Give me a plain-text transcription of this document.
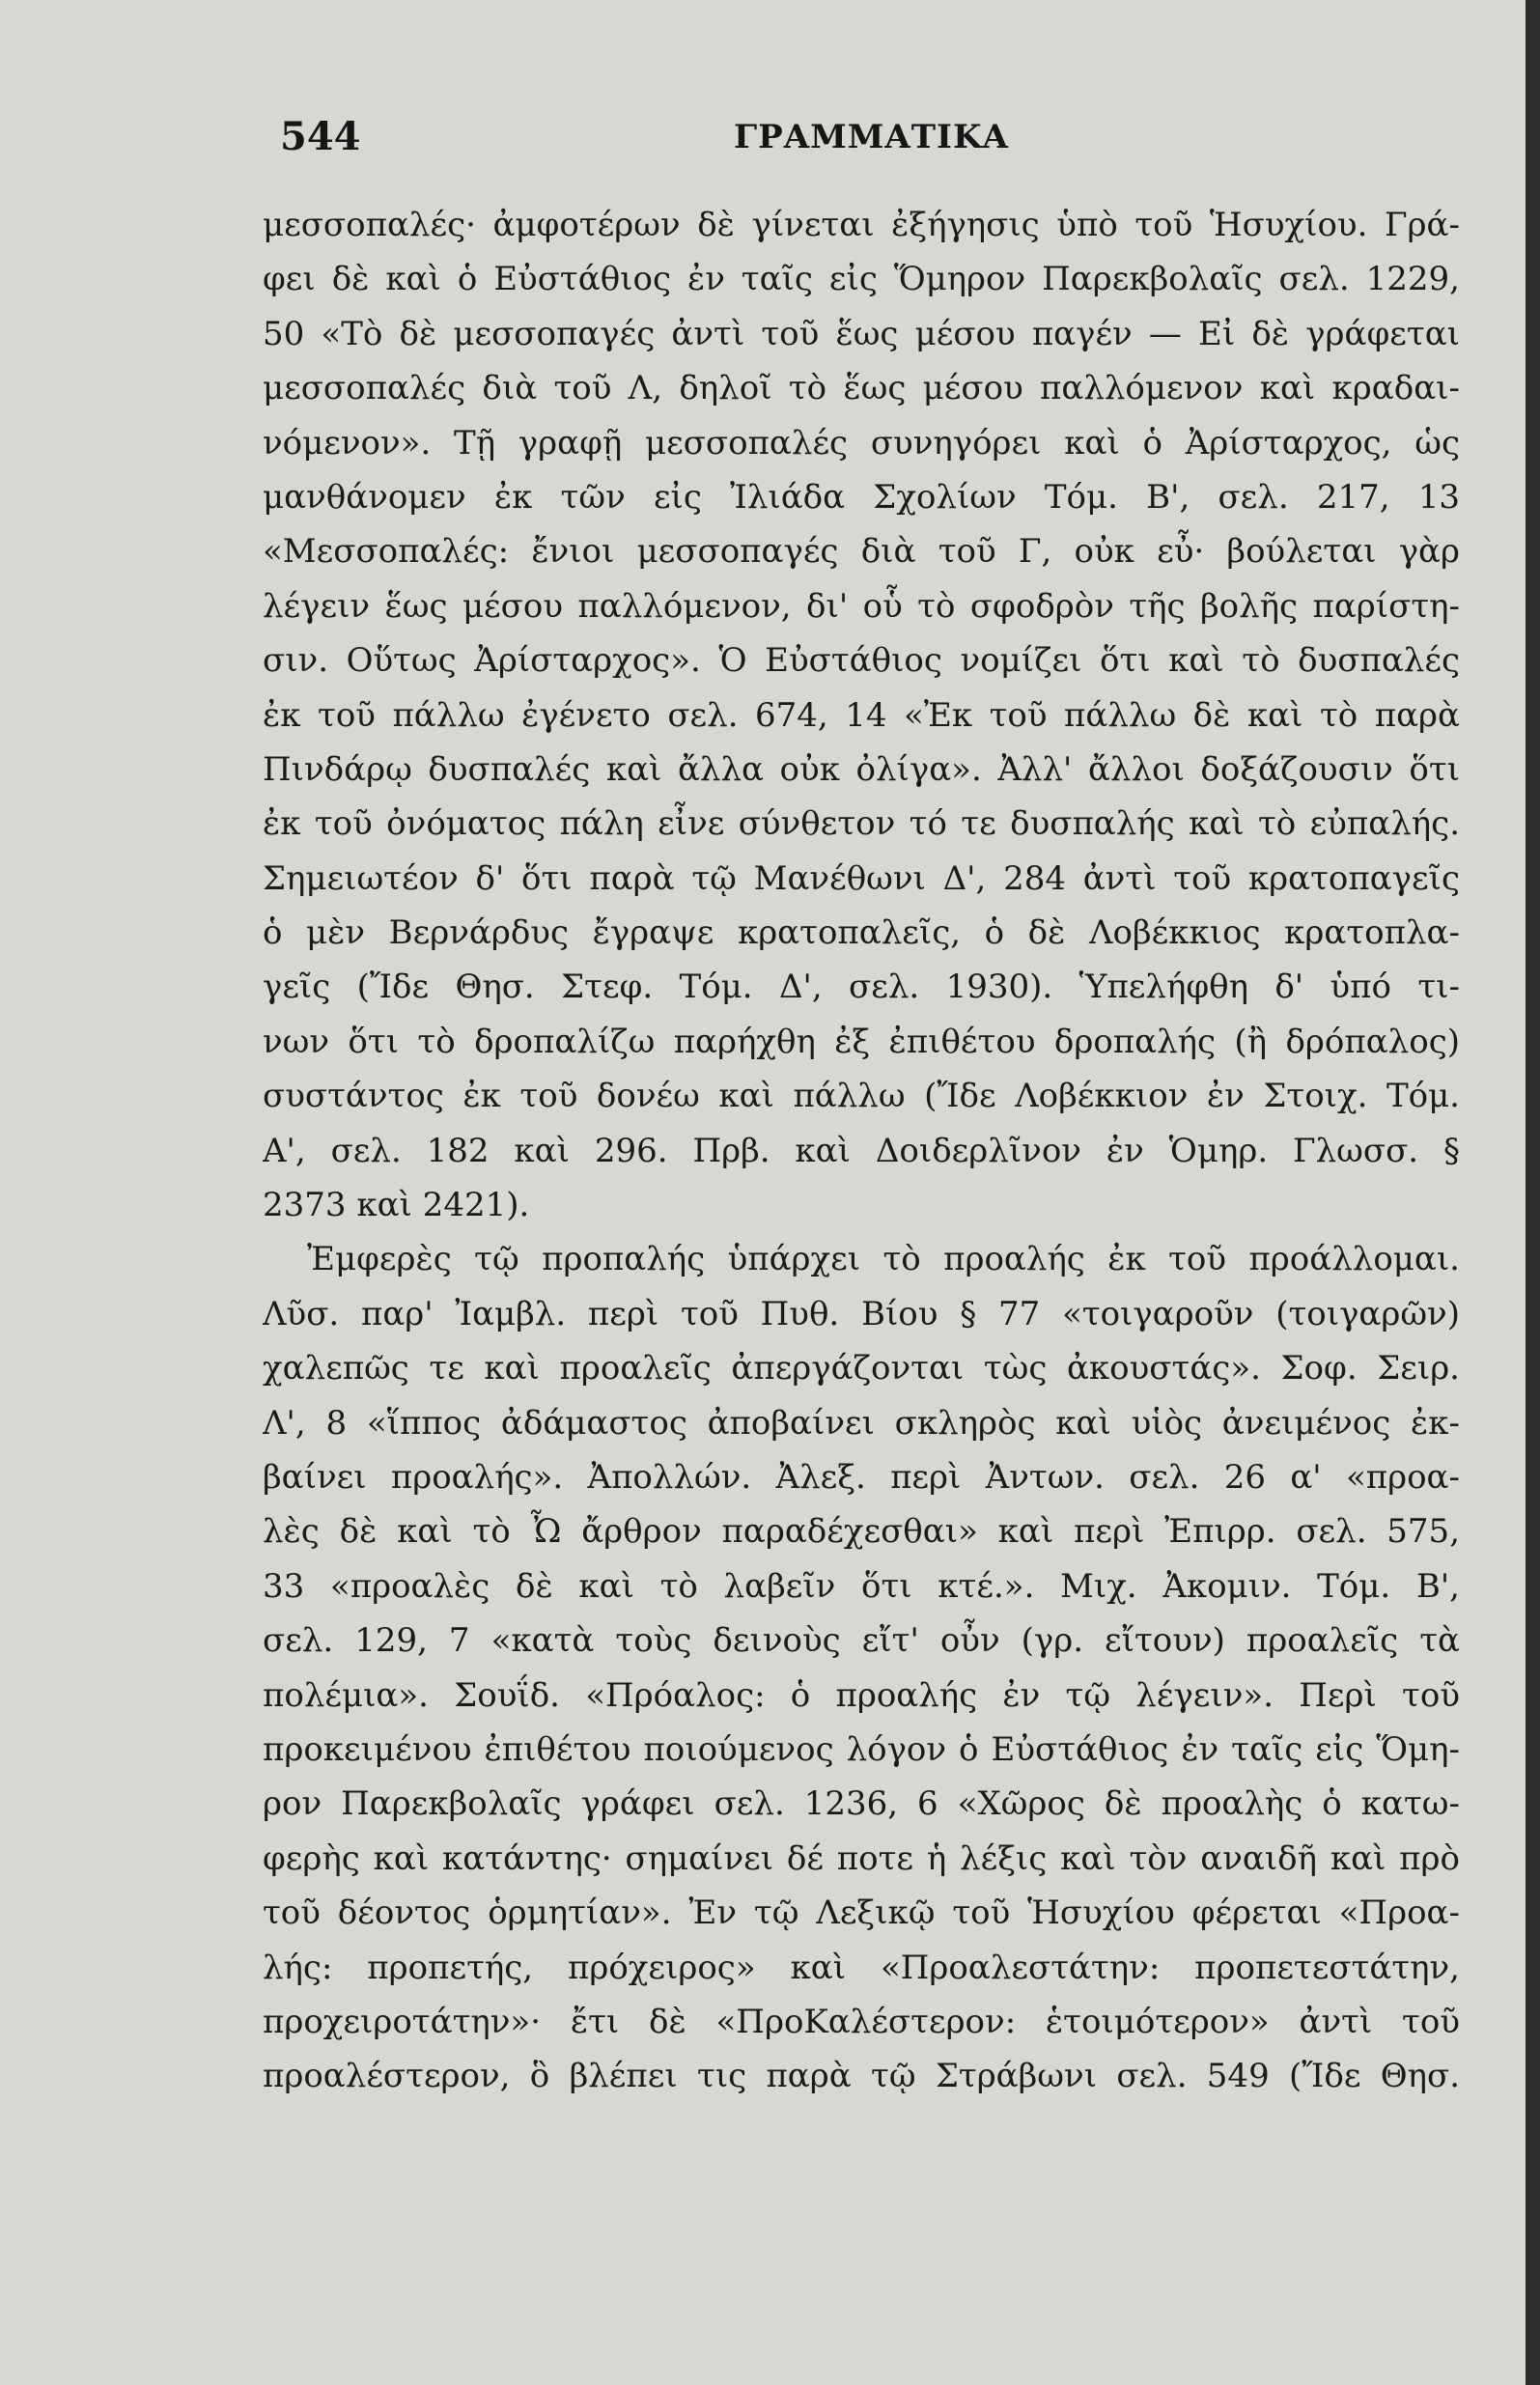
544	ΓΡΑΜΜΑΤΙΚΑ
μεσσοπαλές· ἀμφοτέρων δὲ γίνεται ἐξήγησις ὑπὸ τοῦ Ἡσυχίου. Γρά-
φει δὲ καὶ ὁ Εὐστάθιος ἐν ταῖς εἰς Ὅμηρον Παρεκβολαῖς σελ. 1229,
50 «Τὸ δὲ μεσσοπαγές ἀντὶ τοῦ ἕως μέσου παγέν — Εἰ δὲ γράφεται
μεσσοπαλές διὰ τοῦ Λ, δηλοῖ τὸ ἕως μέσου παλλόμενον καὶ κραδαι-
νόμενον». Τῇ γραφῇ μεσσοπαλές συνηγόρει καὶ ὁ Ἀρίσταρχος, ὡς
μανθάνομεν ἐκ τῶν εἰς Ἰλιάδα Σχολίων Τόμ. Β', σελ. 217, 13
«Μεσσοπαλές: ἔνιοι μεσσοπαγές διὰ τοῦ Γ, οὐκ εὖ· βούλεται γὰρ
λέγειν ἕως μέσου παλλόμενον, δι' οὗ τὸ σφοδρὸν τῆς βολῆς παρίστη-
σιν. Οὕτως Ἀρίσταρχος». Ὁ Εὐστάθιος νομίζει ὅτι καὶ τὸ δυσπαλές
ἐκ τοῦ πάλλω ἐγένετο σελ. 674, 14 «Ἐκ τοῦ πάλλω δὲ καὶ τὸ παρὰ
Πινδάρῳ δυσπαλές καὶ ἄλλα οὐκ ὀλίγα». Ἀλλ' ἄλλοι δοξάζουσιν ὅτι
ἐκ τοῦ ὀνόματος πάλη εἶνε σύνθετον τό τε δυσπαλής καὶ τὸ εὐπαλής.
Σημειωτέον δ' ὅτι παρὰ τῷ Μανέθωνι Δ', 284 ἀντὶ τοῦ κρατοπαγεῖς
ὁ μὲν Βερνάρδυς ἔγραψε κρατοπαλεῖς, ὁ δὲ Λοβέκκιος κρατοπλα-
γεῖς (Ἴδε Θησ. Στεφ. Τόμ. Δ', σελ. 1930). Ὑπελήφθη δ' ὑπό τι-
νων ὅτι τὸ δροπαλίζω παρήχθη ἐξ ἐπιθέτου δροπαλής (ἢ δρόπαλος)
συστάντος ἐκ τοῦ δονέω καὶ πάλλω (Ἴδε Λοβέκκιον ἐν Στοιχ. Τόμ.
Α', σελ. 182 καὶ 296. Πρβ. καὶ Δοιδερλῖνον ἐν Ὁμηρ. Γλωσσ. §
2373 καὶ 2421).
Ἐμφερὲς τῷ προπαλής ὑπάρχει τὸ προαλής ἐκ τοῦ προάλλομαι.
Λῦσ. παρ' Ἰαμβλ. περὶ τοῦ Πυθ. Βίου § 77 «τοιγαροῦν (τοιγαρῶν)
χαλεπῶς τε καὶ προαλεῖς ἀπεργάζονται τὼς ἀκουστάς». Σοφ. Σειρ.
Λ', 8 «ἵππος ἀδάμαστος ἀποβαίνει σκληρὸς καὶ υἱὸς ἀνειμένος ἐκ-
βαίνει προαλής». Ἀπολλών. Ἀλεξ. περὶ Ἀντων. σελ. 26 α' «προα-
λὲς δὲ καὶ τὸ Ὦ ἄρθρον παραδέχεσθαι» καὶ περὶ Ἐπιρρ. σελ. 575,
33 «προαλὲς δὲ καὶ τὸ λαβεῖν ὅτι κτέ.». Μιχ. Ἀκομιν. Τόμ. Β',
σελ. 129, 7 «κατὰ τοὺς δεινοὺς εἴτ' οὖν (γρ. εἴτουν) προαλεῖς τὰ
πολέμια». Σουΐδ. «Πρόαλος: ὁ προαλής ἐν τῷ λέγειν». Περὶ τοῦ
προκειμένου ἐπιθέτου ποιούμενος λόγον ὁ Εὐστάθιος ἐν ταῖς εἰς Ὅμη-
ρον Παρεκβολαῖς γράφει σελ. 1236, 6 «Χῶρος δὲ προαλὴς ὁ κατω-
φερὴς καὶ κατάντης· σημαίνει δέ ποτε ἡ λέξις καὶ τὸν αναιδῆ καὶ πρὸ
τοῦ δέοντος ὁρμητίαν». Ἐν τῷ Λεξικῷ τοῦ Ἡσυχίου φέρεται «Προα-
λής: προπετής, πρόχειρος» καὶ «Προαλεστάτην: προπετεστάτην,
προχειροτάτην»· ἔτι δὲ «ΠροΚαλέστερον: ἑτοιμότερον» ἀντὶ τοῦ
προαλέστερον, ὃ βλέπει τις παρὰ τῷ Στράβωνι σελ. 549 (Ἴδε Θησ.
